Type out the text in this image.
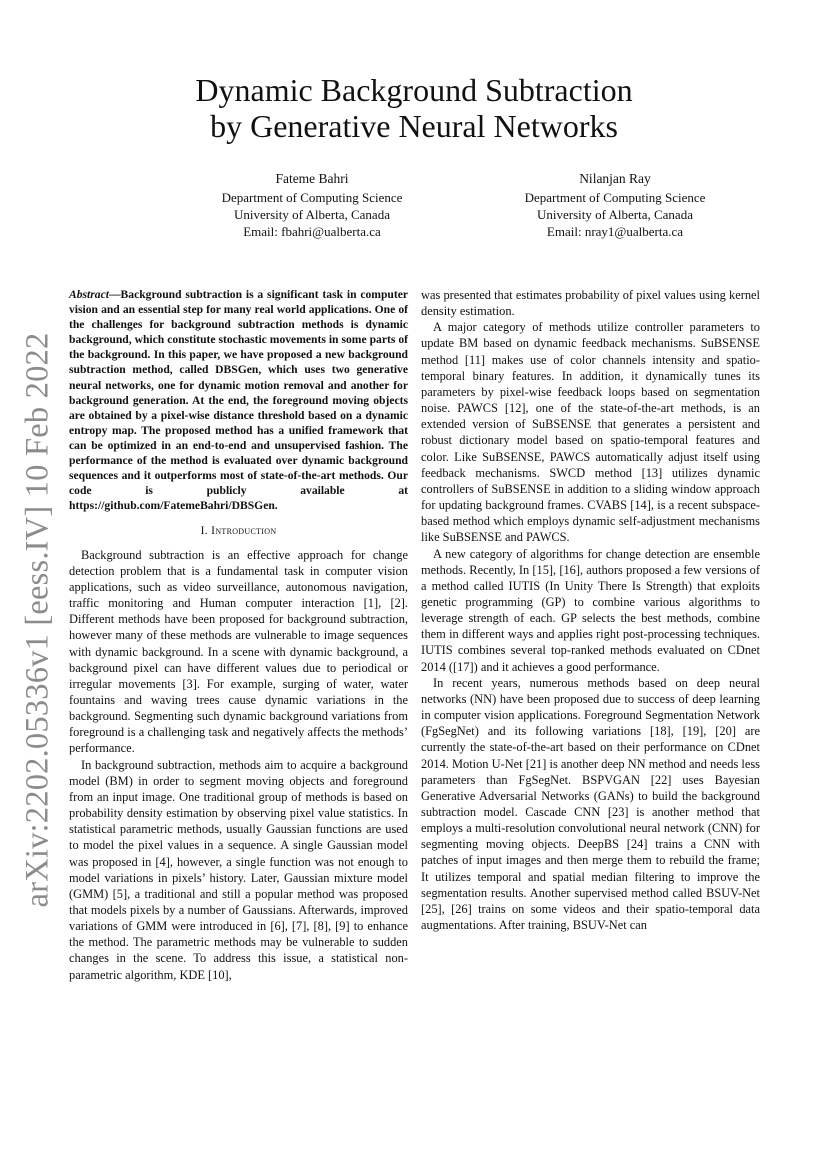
arXiv:2202.05336v1 [eess.IV] 10 Feb 2022
Dynamic Background Subtraction
by Generative Neural Networks
Fateme Bahri
Department of Computing Science
University of Alberta, Canada
Email: fbahri@ualberta.ca
Nilanjan Ray
Department of Computing Science
University of Alberta, Canada
Email: nray1@ualberta.ca

Abstract—Background subtraction is a significant task in computer vision and an essential step for many real world applications. One of the challenges for background subtraction methods is dynamic background, which constitute stochastic movements in some parts of the background. In this paper, we have proposed a new background subtraction method, called DBSGen, which uses two generative neural networks, one for dynamic motion removal and another for background generation. At the end, the foreground moving objects are obtained by a pixel-wise distance threshold based on a dynamic entropy map. The proposed method has a unified framework that can be optimized in an end-to-end and unsupervised fashion. The performance of the method is evaluated over dynamic background sequences and it outperforms most of state-of-the-art methods. Our code is publicly available at https://github.com/FatemeBahri/DBSGen.

I. Introduction

Background subtraction is an effective approach for change detection problem that is a fundamental task in computer vision applications, such as video surveillance, autonomous navigation, traffic monitoring and Human computer interaction [1], [2]. Different methods have been proposed for background subtraction, however many of these methods are vulnerable to image sequences with dynamic background. In a scene with dynamic background, a background pixel can have different values due to periodical or irregular movements [3]. For example, surging of water, water fountains and waving trees cause dynamic variations in the background. Segmenting such dynamic background variations from foreground is a challenging task and negatively affects the methods’ performance.

In background subtraction, methods aim to acquire a background model (BM) in order to segment moving objects and foreground from an input image. One traditional group of methods is based on probability density estimation by observing pixel value statistics. In statistical parametric methods, usually Gaussian functions are used to model the pixel values in a sequence. A single Gaussian model was proposed in [4], however, a single function was not enough to model variations in pixels’ history. Later, Gaussian mixture model (GMM) [5], a traditional and still a popular method was proposed that models pixels by a number of Gaussians. Afterwards, improved variations of GMM were introduced in [6], [7], [8], [9] to enhance the method. The parametric methods may be vulnerable to sudden changes in the scene. To address this issue, a statistical non-parametric algorithm, KDE [10],

was presented that estimates probability of pixel values using kernel density estimation.

A major category of methods utilize controller parameters to update BM based on dynamic feedback mechanisms. SuBSENSE method [11] makes use of color channels intensity and spatio-temporal binary features. In addition, it dynamically tunes its parameters by pixel-wise feedback loops based on segmentation noise. PAWCS [12], one of the state-of-the-art methods, is an extended version of SuBSENSE that generates a persistent and robust dictionary model based on spatio-temporal features and color. Like SuBSENSE, PAWCS automatically adjust itself using feedback mechanisms. SWCD method [13] utilizes dynamic controllers of SuBSENSE in addition to a sliding window approach for updating background frames. CVABS [14], is a recent subspace-based method which employs dynamic self-adjustment mechanisms like SuBSENSE and PAWCS.

A new category of algorithms for change detection are ensemble methods. Recently, In [15], [16], authors proposed a few versions of a method called IUTIS (In Unity There Is Strength) that exploits genetic programming (GP) to combine various algorithms to leverage strength of each. GP selects the best methods, combine them in different ways and applies right post-processing techniques. IUTIS combines several top-ranked methods evaluated on CDnet 2014 ([17]) and it achieves a good performance.

In recent years, numerous methods based on deep neural networks (NN) have been proposed due to success of deep learning in computer vision applications. Foreground Segmentation Network (FgSegNet) and its following variations [18], [19], [20] are currently the state-of-the-art based on their performance on CDnet 2014. Motion U-Net [21] is another deep NN method and needs less parameters than FgSegNet. BSPVGAN [22] uses Bayesian Generative Adversarial Networks (GANs) to build the background subtraction model. Cascade CNN [23] is another method that employs a multi-resolution convolutional neural network (CNN) for segmenting moving objects. DeepBS [24] trains a CNN with patches of input images and then merge them to rebuild the frame; It utilizes temporal and spatial median filtering to improve the segmentation results. Another supervised method called BSUV-Net [25], [26] trains on some videos and their spatio-temporal data augmentations. After training, BSUV-Net can
